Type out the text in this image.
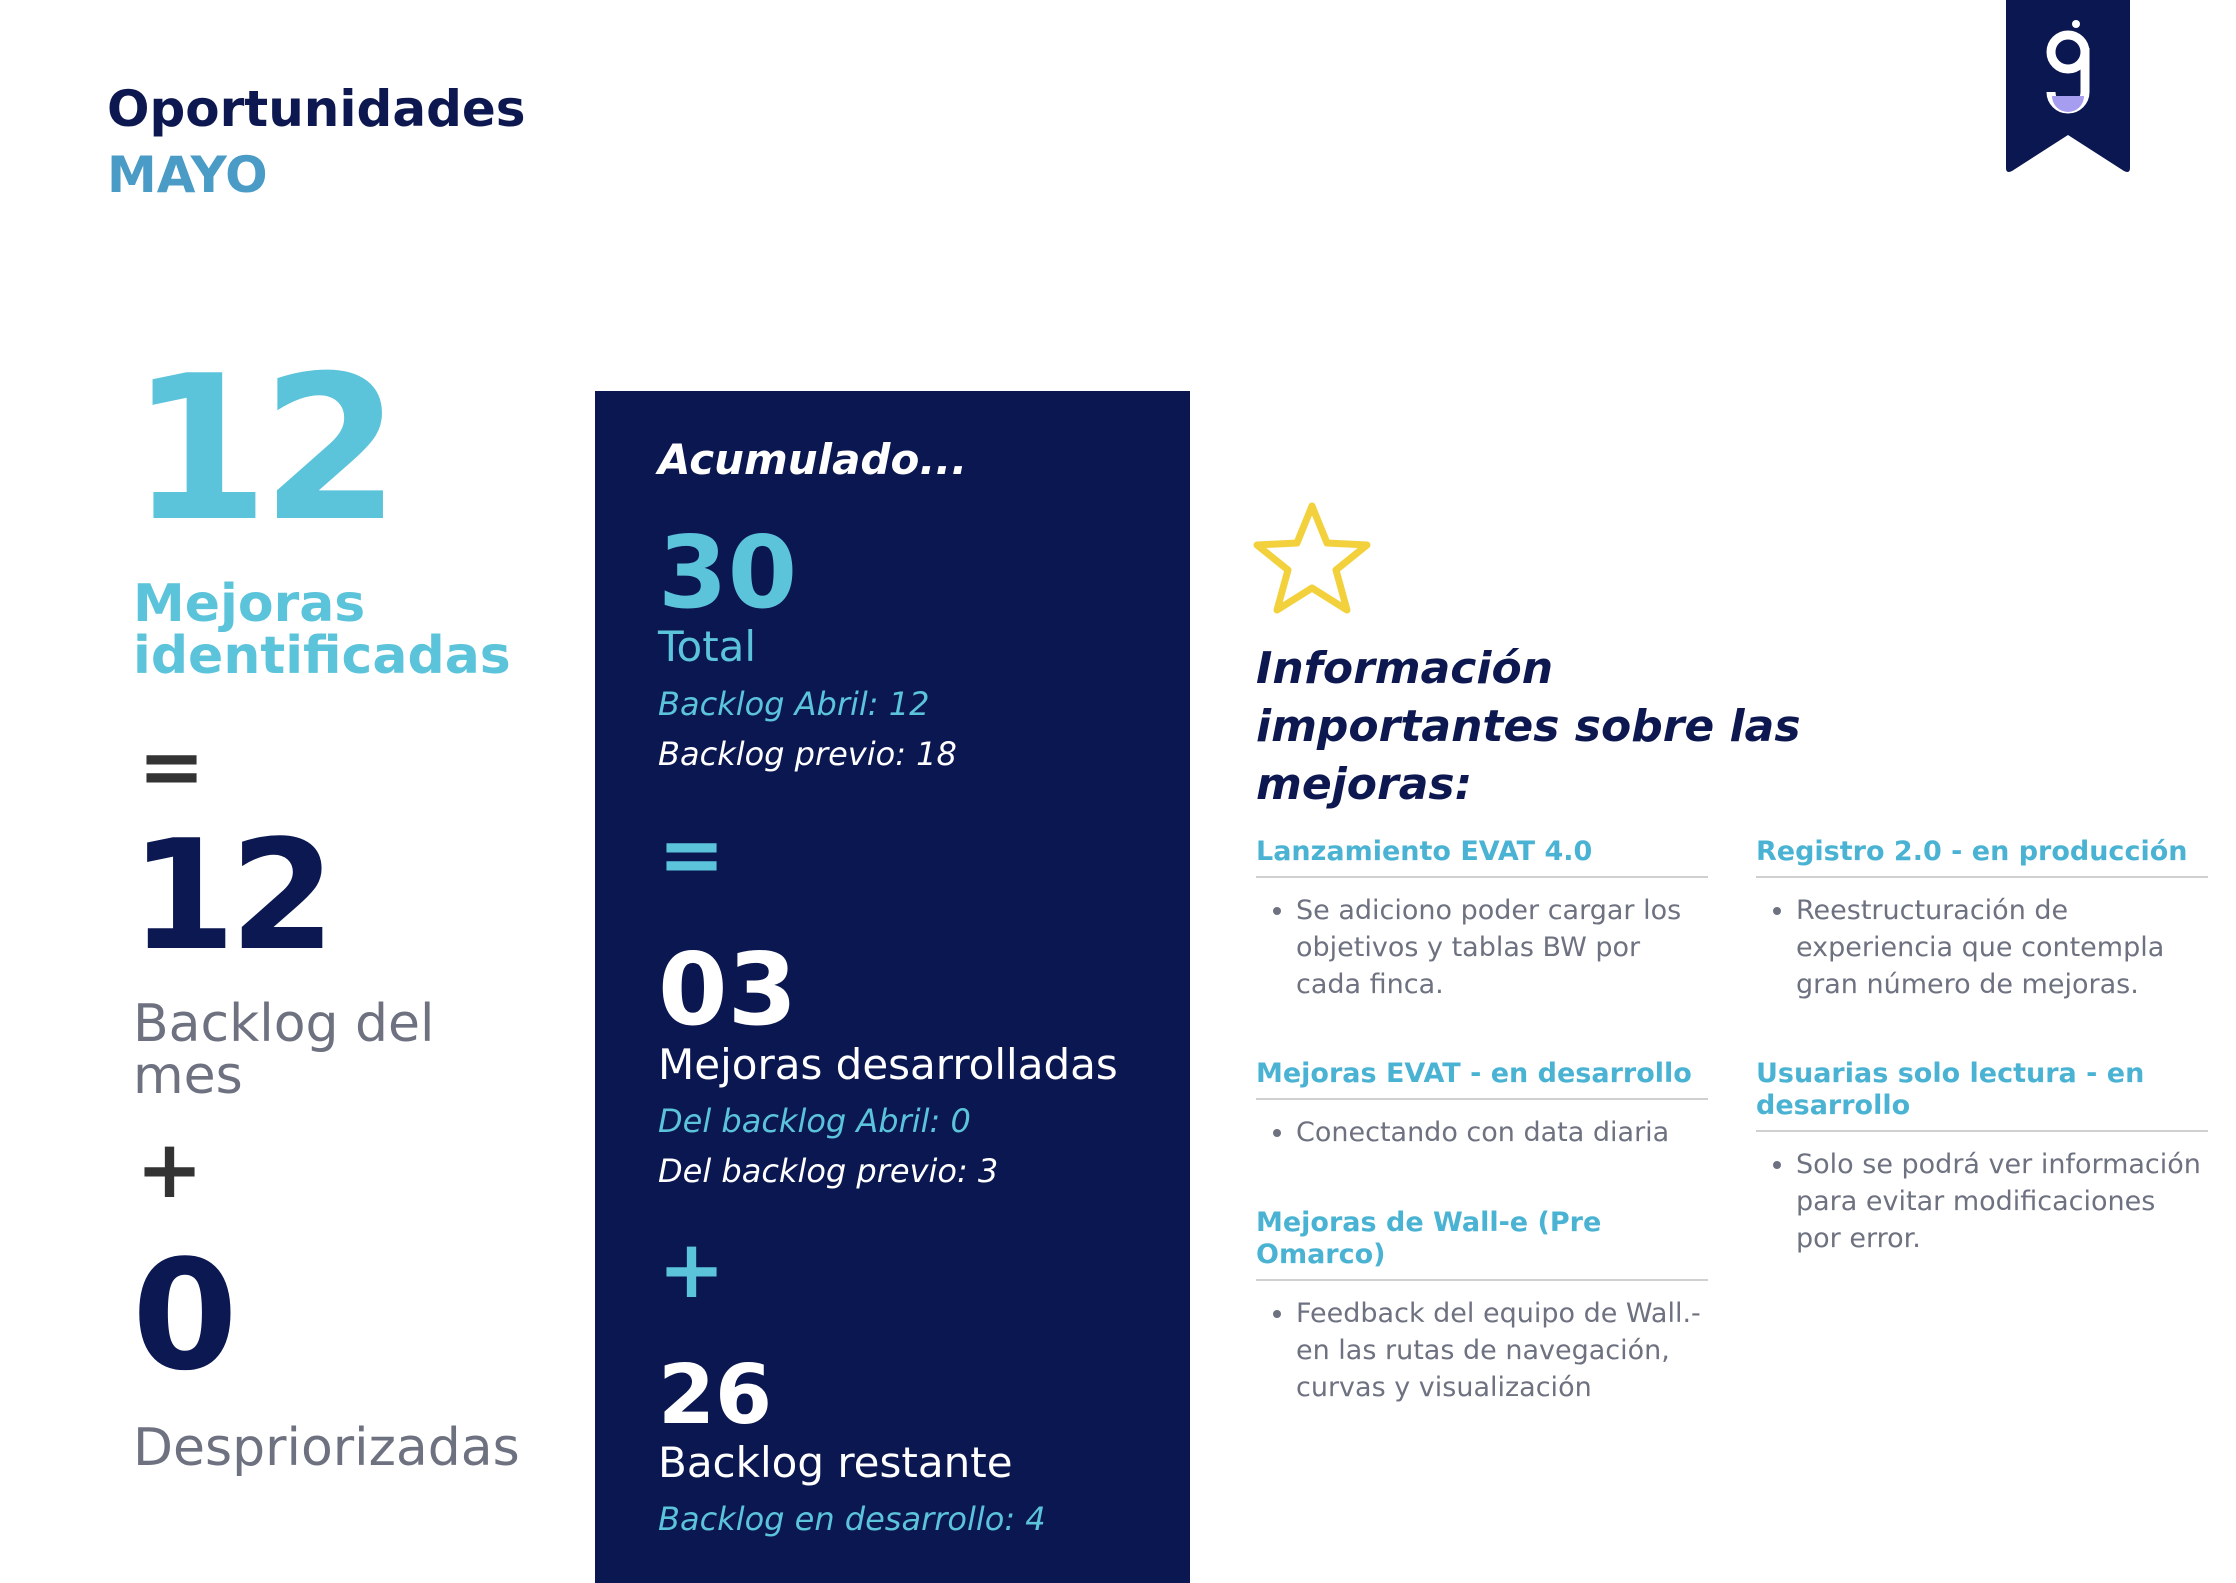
Oportunidades
MAYO
12
Mejoras identificadas
=
12
Backlog del mes
+
0
Despriorizadas
Acumulado...
30
Total
Backlog Abril: 12
Backlog previo: 18
=
03
Mejoras desarrolladas
Del backlog Abril: 0
Del backlog previo: 3
+
26
Backlog restante
Backlog en desarrollo: 4
Información importantes sobre las mejoras:
Lanzamiento EVAT 4.0
• Se adiciono poder cargar los objetivos y tablas BW por cada finca.
Mejoras EVAT - en desarrollo
• Conectando con data diaria
Mejoras de Wall-e (Pre Omarco)
• Feedback del equipo de Wall.- en las rutas de navegación, curvas y visualización
Registro 2.0 - en producción
• Reestructuración de experiencia que contempla gran número de mejoras.
Usuarias solo lectura - en desarrollo
• Solo se podrá ver información para evitar modificaciones por error.
